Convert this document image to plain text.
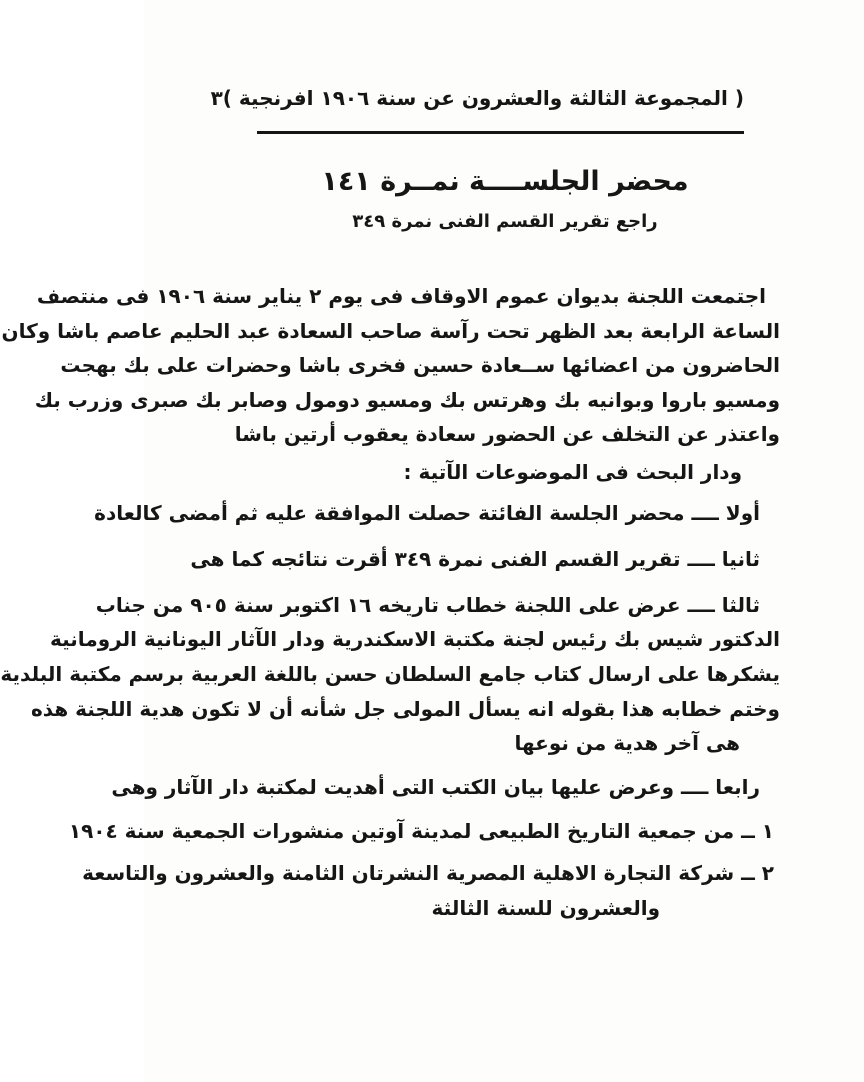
( المجموعة الثالثة والعشرون عن سنة ١٩٠٦ افرنجية )
٣
محضر الجلســــة نمــرة ١٤١
راجع تقرير القسم الفنى نمرة ٣٤٩
اجتمعت اللجنة بديوان عموم الاوقاف فى يوم ٢ يناير سنة ١٩٠٦ فى منتصف
الساعة الرابعة بعد الظهر تحت رآسة صاحب السعادة عبد الحليم عاصم باشا وكان
الحاضرون من اعضائها ســعادة حسين فخرى باشا وحضرات على بك بهجت
ومسيو باروا وبوانيه بك وهرتس بك ومسيو دومول وصابر بك صبرى وزرب بك
واعتذر عن التخلف عن الحضور سعادة يعقوب أرتين باشا
ودار البحث فى الموضوعات الآتية :
أولا ــــ محضر الجلسة الفائتة حصلت الموافقة عليه ثم أمضى كالعادة
ثانيا ــــ تقرير القسم الفنى نمرة ٣٤٩ أقرت نتائجه كما هى
ثالثا ــــ عرض على اللجنة خطاب تاريخه ١٦ اكتوبر سنة ٩٠٥ من جناب
الدكتور شيس بك رئيس لجنة مكتبة الاسكندرية ودار الآثار اليونانية الرومانية
يشكرها على ارسال كتاب جامع السلطان حسن باللغة العربية برسم مكتبة البلدية
وختم خطابه هذا بقوله انه يسأل المولى جل شأنه أن لا تكون هدية اللجنة هذه
هى آخر هدية من نوعها
رابعا ــــ وعرض عليها بيان الكتب التى أهديت لمكتبة دار الآثار وهى
١ ــ من جمعية التاريخ الطبيعى لمدينة آوتين منشورات الجمعية سنة ١٩٠٤
٢ ــ شركة التجارة الاهلية المصرية النشرتان الثامنة والعشرون والتاسعة
والعشرون للسنة الثالثة
